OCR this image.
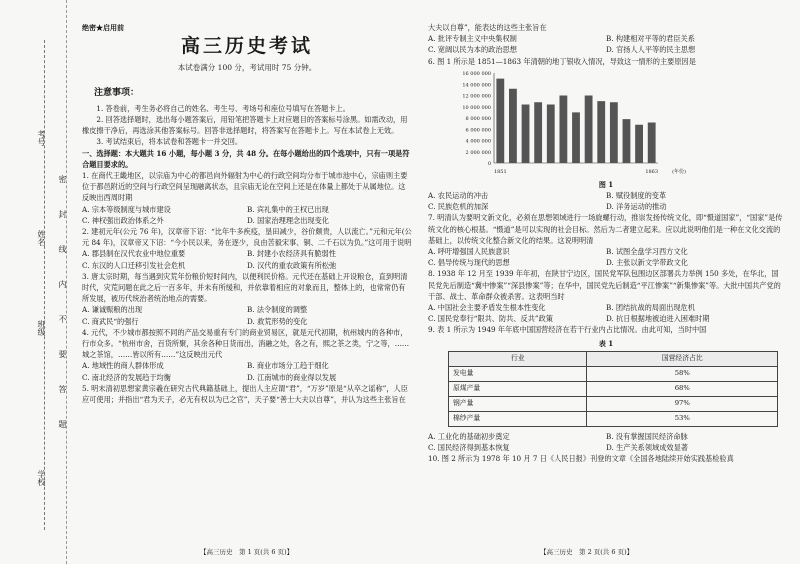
考号
姓名
班级
学校
密
封
线
内
不
要
答
题

绝密★启用前

高三历史考试
本试卷满分 100 分，考试用时 75 分钟。
注意事项：

1. 答卷前，考生务必将自己的姓名、考生号、考场号和座位号填写在答题卡上。

2. 回答选择题时，选出每小题答案后，用铅笔把答题卡上对应题目的答案标号涂黑。如需改动，用橡皮擦干净后，再选涂其他答案标号。回答非选择题时，将答案写在答题卡上。写在本试卷上无效。

3. 考试结束后，将本试卷和答题卡一并交回。

一、选择题：本大题共 16 小题，每小题 3 分，共 48 分。在每小题给出的四个选项中，只有一项是符合题目要求的。

1. 在商代王畿地区，以宗庙为中心的都邑向外辐射为中心的行政空间均分布于城市池中心，宗庙则主要位于都邑附近的空间与行政空间呈现融离状态，且宗庙无论在空间上还是在体量上都处于从属地位。这反映出西周时期

A. 宗本等级制度与城市建设	B. 宾礼集中的王权已出现
C. 神权强出政治体系之外	D. 国家治理理念出现变化

2. 建初元年(公元 76 年)，汉章帝下诏：“比年牛多疾疫，垦田减少，谷价颇贵，人以流亡。”元和元年(公元 84 年)，汉章帝又下诏：“今小民以来，务在逐少，良由苦毅宋事、铜、二千石以为负。”这可用于说明

A. 郡县制在汉代农业中地位重要	B. 封建小农经济具有脆弱性
C. 东汉的人口迁移引发社会危机	D. 汉代的重农政策有所松弛

3. 唐太宗时期，每当遇到灾荒年份粮价短时间内，以便利民价格。元代还在基础上开设粮仓，直到明清时代，灾荒问题在此之后一百多年，并未有所缓和，并依靠着相应的对象而且，整体上的，也常常仍有所发展，被历代统治者统治地点的需要。

A. 谦诚赈粮的出现	B. 法令制度的调整
C. 商武民“的强行	D. 救荒形势的变化

4. 元代，不少城市都按照不同的产品交易重有专门的商业贸易区，就是元代初期，杭州城内的各种市，行市众多。“杭州市舍，百货所聚，其余各种日货而出，消融之处，各之有，熙之茶之类，宁之等，……城之茶馆，……皆以所有……”这反映出元代

A. 地域性的商人群体形成	B. 商业市场分工趋于细化
C. 南北经济的发展趋于均衡	D. 江南城市的商业得以发展

5. 明末清初思想家黄宗羲在研究古代典籍基础上，提出人主应谓“君”，“万岁”原是“从卒之谣称”，人臣应可使用；并指出“君为天子，必无有权以为已之官”，天子要“善士大夫以自尊”，并认为这些主张旨在

【高三历史　第 1 页(共 6 页)】

大夫以自尊”，能表达的这些主张旨在

A. 批评专制主义中央集权制	B. 构建相对平等的君臣关系
C. 宽阔以民为本的政治思想	D. 官扬人人平等的民主思想

6. 图 1 所示是 1851—1863 年清朝的地丁银收入情况，导致这一情形的主要原因是

16 000 000
14 000 000
12 000 000
10 000 000
8 000 000
6 000 000
4 000 000
2 000 000
0
1851	1863	(年份)
图 1
A. 农民运动的冲击	B. 赋役制度的变革
C. 民族危机的加深	D. 洋务运动的推动

7. 明清认为要明文新文化，必须在思想领域进行一场旋螺行动，推崇发扬传统文化，即“慑道国家”，“国家”是传统文化的核心根基。“慑道”是可以实现的社会目标。然后为二者建立起来。应以此说明他们是一种在文化交流的基础上，以传统文化整合新文化的结果。这说明明清

A. 呼吁增强国人民族意识	B. 试图全盘学习西方文化
C. 倡导传统与现代的思想	D. 主张以新文学带政文化

8. 1938 年 12 月至 1939 年年初，在陕甘宁边区，国民党军队包围边区部署兵力举例 150 多处，在华北，国民党先后制造“冀中惨案”“深县惨案”等；在华中，国民党先后制造“平江惨案”“新集惨案”等。大批中国共产党的干部、战士、革命群众被杀害。这表明当时

A. 中国社会主要矛盾发生根本性变化	B. 团结抗战的局面出现危机
C. 国民党奉行“限共、防共、反共”政策	D. 抗日根据地被迫进入困难时期

9. 表 1 所示为 1949 年年底中国国营经济在若干行业内占比情况。由此可知，当时中国

表 1
行业	国营经济占比
发电量	58%
原煤产量	68%
钢产量	97%
棉纱产量	53%
A. 工业化的基础初步奠定	B. 没有掌握国民经济命脉
C. 国民经济得到基本恢复	D. 生产关系领域成效显著

10. 图 2 所示为 1978 年 10 月 7 日《人民日报》刊登的文章《全国各地陆续开始实践基检验真

【高三历史　第 2 页(共 6 页)】
